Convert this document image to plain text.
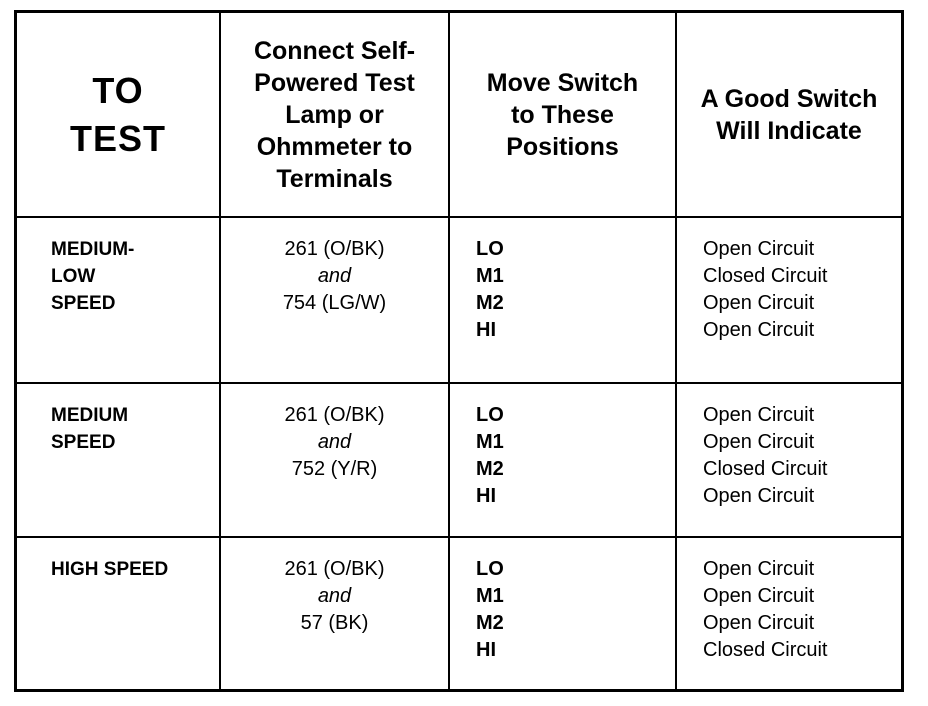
TO
TEST	Connect Self-
Powered Test
Lamp or
Ohmmeter to
Terminals	Move Switch
to These
Positions	A Good Switch
Will Indicate

MEDIUM-
LOW
SPEED	261 (O/BK)
and
754 (LG/W)	LO
M1
M2
HI	Open Circuit
Closed Circuit
Open Circuit
Open Circuit

MEDIUM
SPEED	261 (O/BK)
and
752 (Y/R)	LO
M1
M2
HI	Open Circuit
Open Circuit
Closed Circuit
Open Circuit

HIGH SPEED	261 (O/BK)
and
57 (BK)	LO
M1
M2
HI	Open Circuit
Open Circuit
Open Circuit
Closed Circuit
